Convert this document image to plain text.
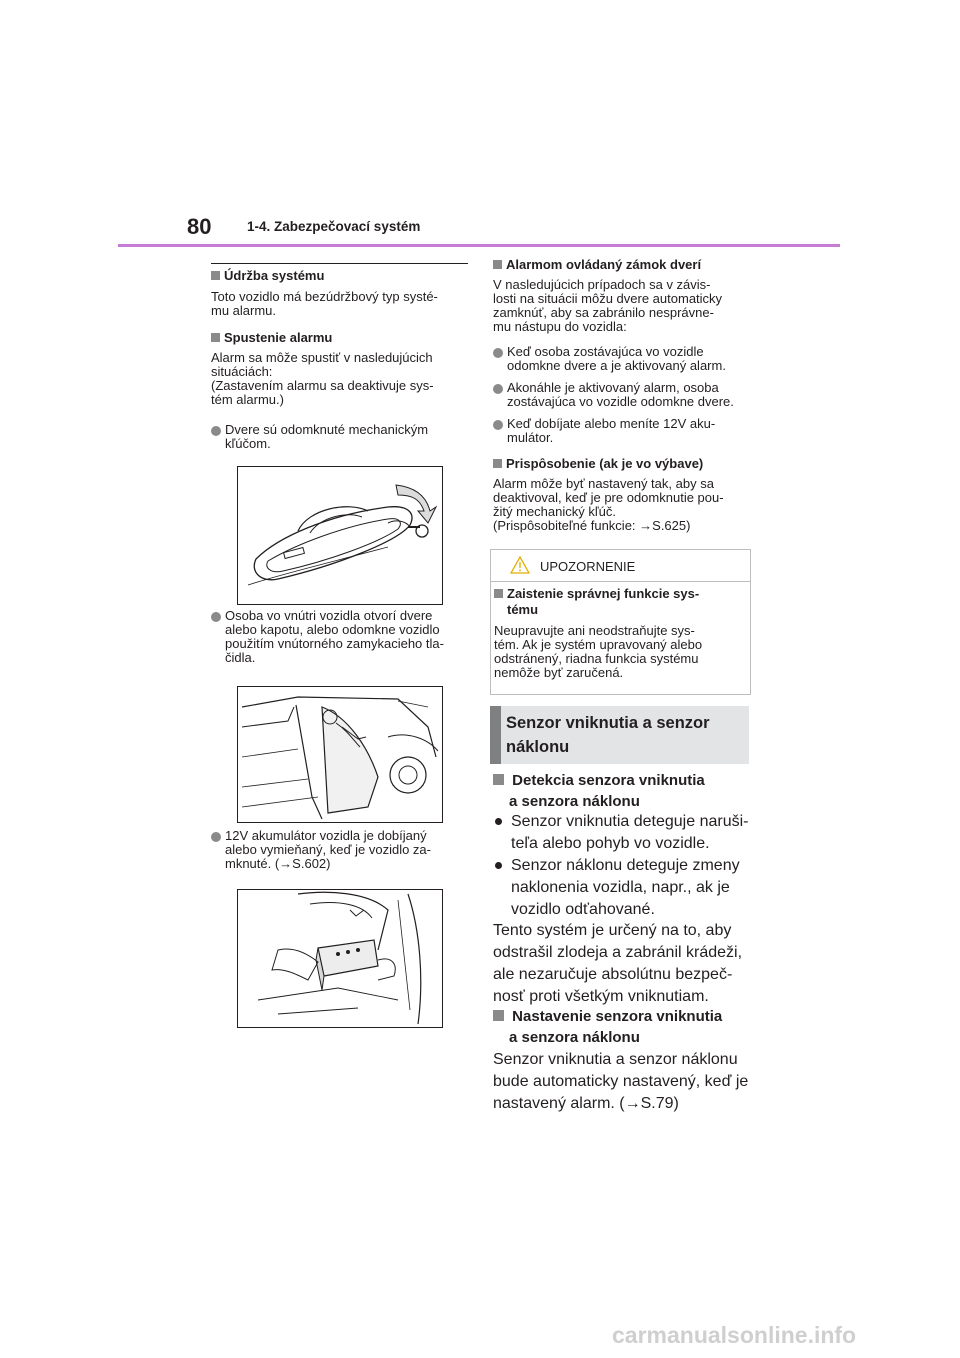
80	1-4. Zabezpečovací systém
Údržba systému
Toto vozidlo má bezúdržbový typ systé-
mu alarmu.
Spustenie alarmu
Alarm sa môže spustiť v nasledujúcich
situáciách:
(Zastavením alarmu sa deaktivuje sys-
tém alarmu.)
Dvere sú odomknuté mechanickým
kľúčom.
Osoba vo vnútri vozidla otvorí dvere
alebo kapotu, alebo odomkne vozidlo
použitím vnútorného zamykacieho tla-
čidla.
12V akumulátor vozidla je dobíjaný
alebo vymieňaný, keď je vozidlo za-
mknuté. (→S.602)
Alarmom ovládaný zámok dverí
V nasledujúcich prípadoch sa v závis-
losti na situácii môžu dvere automaticky
zamknúť, aby sa zabránilo nesprávne-
mu nástupu do vozidla:
Keď osoba zostávajúca vo vozidle
odomkne dvere a je aktivovaný alarm.
Akonáhle je aktivovaný alarm, osoba
zostávajúca vo vozidle odomkne dvere.
Keď dobíjate alebo meníte 12V aku-
mulátor.
Prispôsobenie (ak je vo výbave)
Alarm môže byť nastavený tak, aby sa
deaktivoval, keď je pre odomknutie pou-
žitý mechanický kľúč.
(Prispôsobiteľné funkcie: →S.625)
UPOZORNENIE
Zaistenie správnej funkcie sys-
tému
Neupravujte ani neodstraňujte sys-
tém. Ak je systém upravovaný alebo
odstránený, riadna funkcia systému
nemôže byť zaručená.
Senzor vniknutia a senzor
náklonu
Detekcia senzora vniknutia
a senzora náklonu
Senzor vniknutia deteguje naruši-
teľa alebo pohyb vo vozidle.
Senzor náklonu deteguje zmeny
naklonenia vozidla, napr., ak je
vozidlo odťahované.
Tento systém je určený na to, aby
odstrašil zlodeja a zabránil krádeži,
ale nezaručuje absolútnu bezpeč-
nosť proti všetkým vniknutiam.
Nastavenie senzora vniknutia
a senzora náklonu
Senzor vniknutia a senzor náklonu
bude automaticky nastavený, keď je
nastavený alarm. (→S.79)
carmanualsonline.info
